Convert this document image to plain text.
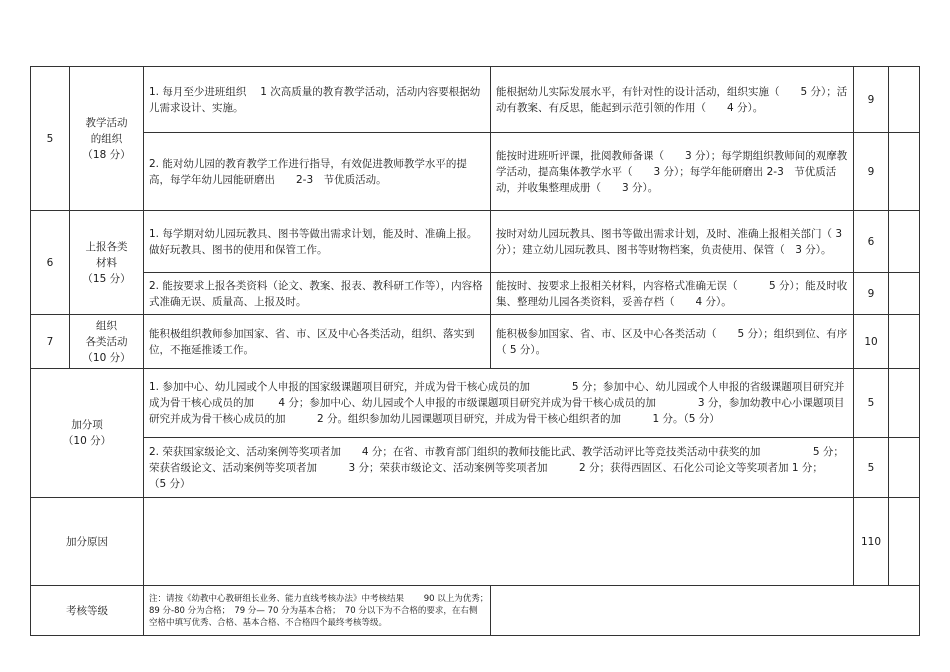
5	教学活动
的组织
（18 分）	1. 每月至少进班组织　 1 次高质量的教育教学活动，活动内容要根据幼儿需求设计、实施。	能根据幼儿实际发展水平，有针对性的设计活动，组织实施（　　5 分）；活动有教案、有反思，能起到示范引领的作用（　　4 分）。	9	
		2. 能对幼儿园的教育教学工作进行指导，有效促进教师教学水平的提高，每学年幼儿园能研磨出　　2-3　节优质活动。	能按时进班听评课，批阅教师备课（　　3 分）；每学期组织教师间的观摩教学活动，提高集体教学水平（　　3 分）；每学年能研磨出 2-3　节优质活动，并收集整理成册（　　3 分）。	9	
6	上报各类
材料
（15 分）	1. 每学期对幼儿园玩教具、图书等做出需求计划，能及时、准确上报。做好玩教具、图书的使用和保管工作。	按时对幼儿园玩教具、图书等做出需求计划，及时、准确上报相关部门（ 3 分）；建立幼儿园玩教具、图书等财物档案，负责使用、保管（　3 分）。	6	
		2. 能按要求上报各类资料（论文、教案、报表、教科研工作等），内容格式准确无误、质量高、上报及时。	能按时、按要求上报相关材料，内容格式准确无误（　　　5 分）；能及时收集、整理幼儿园各类资料，妥善存档（　　4 分）。	9	
7	组织
各类活动
（10 分）	能积极组织教师参加国家、省、市、区及中心各类活动，组织、落实到位，不拖延推诿工作。	能积极参加国家、省、市、区及中心各类活动（　　5 分）；组织到位、有序（ 5 分）。	10	

加分项
（10 分）		1. 参加中心、幼儿园或个人申报的国家级课题项目研究，并成为骨干核心成员的加　　　　5 分；参加中心、幼儿园或个人申报的省级课题项目研究并成为骨干核心成员的加　　 4 分；参加中心、幼儿园或个人申报的市级课题项目研究并成为骨干核心成员的加　　　　3 分，参加幼教中心小课题项目研究并成为骨干核心成员的加　　　2 分。组织参加幼儿园课题项目研究，并成为骨干核心组织者的加　　　1 分。（5 分）		5	
		2. 荣获国家级论文、活动案例等奖项者加　　4 分；在省、市教育部门组织的教师技能比武、教学活动评比等竞技类活动中获奖的加　　　　　5 分；荣获省级论文、活动案例等奖项者加　　　3 分；荣获市级论文、活动案例等奖项者加　　　2 分；获得西固区、石化公司论文等奖项者加 1 分；　　（5 分）		5	
加分原因				110	
考核等级		注：请按《幼教中心教研组长业务、能力直线考核办法》中考核结果　　 90 以上为优秀；　89 分-80 分为合格；　79 分— 70 分为基本合格；　70 分以下为不合格的要求，在右侧空格中填写优秀、合格、基本合格、不合格四个最终考核等级。			
